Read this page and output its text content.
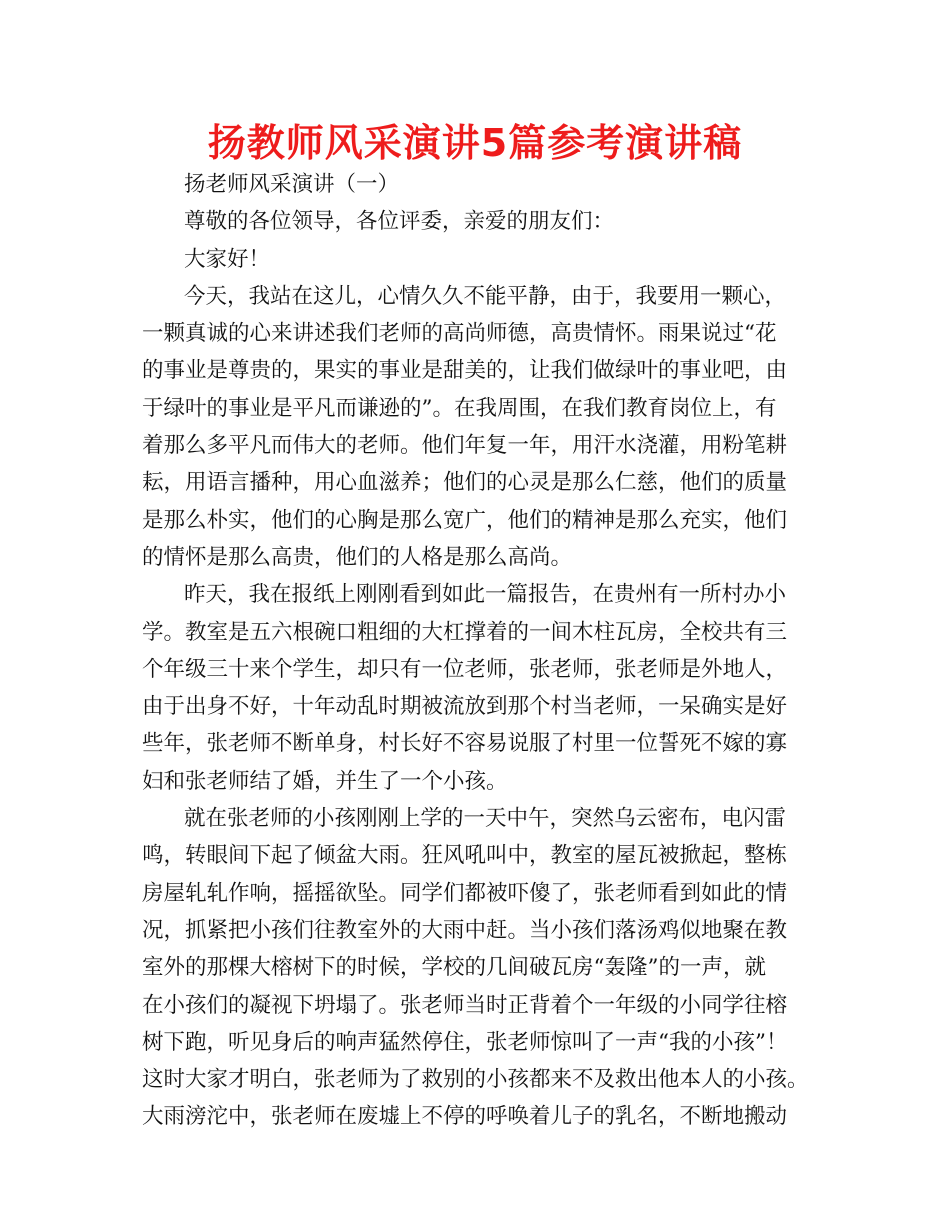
扬教师风采演讲5篇参考演讲稿

扬老师风采演讲（一）

尊敬的各位领导，各位评委，亲爱的朋友们：

大家好！

今天，我站在这儿，心情久久不能平静，由于，我要用一颗心，

一颗真诚的心来讲述我们老师的高尚师德，高贵情怀。雨果说过“花

的事业是尊贵的，果实的事业是甜美的，让我们做绿叶的事业吧，由

于绿叶的事业是平凡而谦逊的”。在我周围，在我们教育岗位上，有

着那么多平凡而伟大的老师。他们年复一年，用汗水浇灌，用粉笔耕

耘，用语言播种，用心血滋养；他们的心灵是那么仁慈，他们的质量

是那么朴实，他们的心胸是那么宽广，他们的精神是那么充实，他们

的情怀是那么高贵，他们的人格是那么高尚。

昨天，我在报纸上刚刚看到如此一篇报告，在贵州有一所村办小

学。教室是五六根碗口粗细的大杠撑着的一间木柱瓦房，全校共有三

个年级三十来个学生，却只有一位老师，张老师，张老师是外地人，

由于出身不好，十年动乱时期被流放到那个村当老师，一呆确实是好

些年，张老师不断单身，村长好不容易说服了村里一位誓死不嫁的寡

妇和张老师结了婚，并生了一个小孩。

就在张老师的小孩刚刚上学的一天中午，突然乌云密布，电闪雷

鸣，转眼间下起了倾盆大雨。狂风吼叫中，教室的屋瓦被掀起，整栋

房屋轧轧作响，摇摇欲坠。同学们都被吓傻了，张老师看到如此的情

况，抓紧把小孩们往教室外的大雨中赶。当小孩们落汤鸡似地聚在教

室外的那棵大榕树下的时候，学校的几间破瓦房“轰隆”的一声，就

在小孩们的凝视下坍塌了。张老师当时正背着个一年级的小同学往榕

树下跑，听见身后的响声猛然停住，张老师惊叫了一声“我的小孩”！

这时大家才明白，张老师为了救别的小孩都来不及救出他本人的小孩。

大雨滂沱中，张老师在废墟上不停的呼唤着儿子的乳名，不断地搬动
